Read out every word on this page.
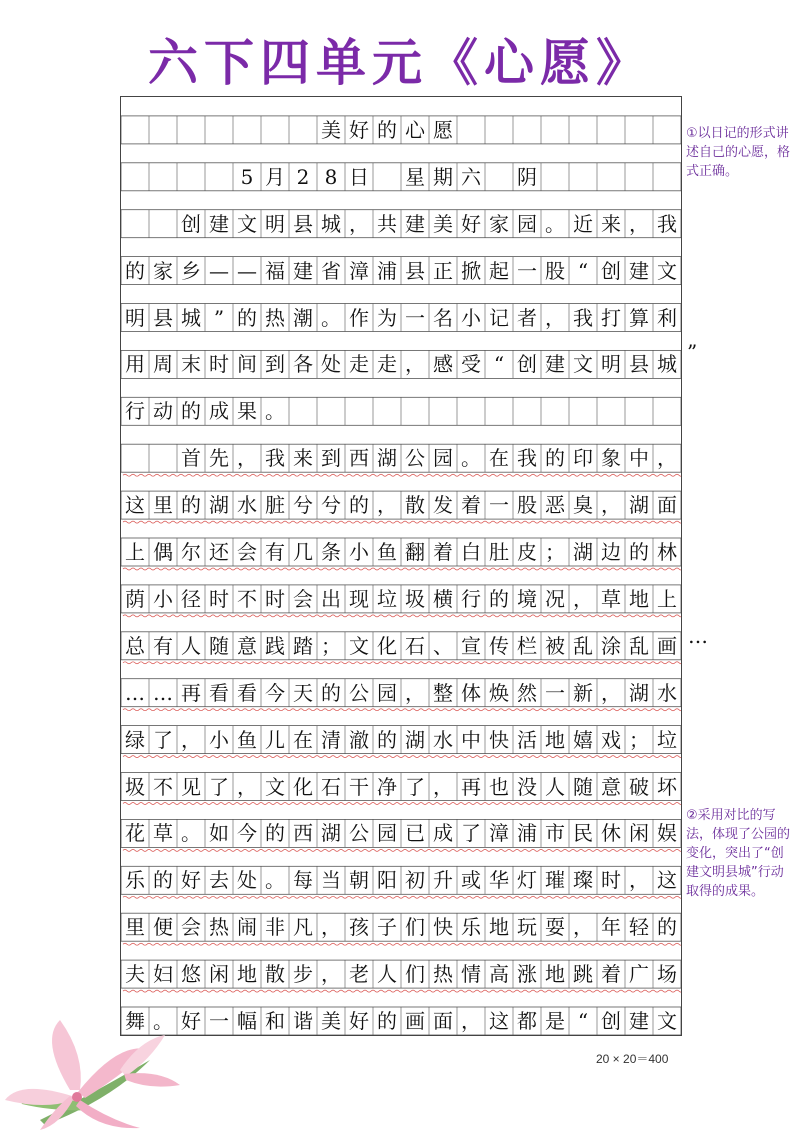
六下四单元《心愿》
美 好 的 心 愿
5 月 2 8 日
　 星 期 六
　 阴

创 建 文 明 县 城 ， 共 建 美 好 家 园 。 近 来 ， 我
的 家 乡 — — 福 建 省 漳 浦 县 正 掀 起 一 股 “ 创 建 文
明 县 城 ” 的 热 潮 。 作 为 一 名 小 记 者 ， 我 打 算 利
用 周 末 时 间 到 各 处 走 走 ， 感 受 “ 创 建 文 明 县 城
行 动 的 成 果 。

首 先 ， 我 来 到 西 湖 公 园 。 在 我 的 印 象 中 ，
这 里 的 湖 水 脏 兮 兮 的 ， 散 发 着 一 股 恶 臭 ， 湖 面
上 偶 尔 还 会 有 几 条 小 鱼 翻 着 白 肚 皮 ； 湖 边 的 林
荫 小 径 时 不 时 会 出 现 垃 圾 横 行 的 境 况 ， 草 地 上
总 有 人 随 意 践 踏 ； 文 化 石 、 宣 传 栏 被 乱 涂 乱 画
… … 再 看 看 今 天 的 公 园 ， 整 体 焕 然 一 新 ， 湖 水
绿 了 ， 小 鱼 儿 在 清 澈 的 湖 水 中 快 活 地 嬉 戏 ； 垃
圾 不 见 了 ， 文 化 石 干 净 了 ， 再 也 没 人 随 意 破 坏
花 草 。 如 今 的 西 湖 公 园 已 成 了 漳 浦 市 民 休 闲 娱
乐 的 好 去 处 。 每 当 朝 阳 初 升 或 华 灯 璀 璨 时 ， 这
里 便 会 热 闹 非 凡 ， 孩 子 们 快 乐 地 玩 耍 ， 年 轻 的
夫 妇 悠 闲 地 散 步 ， 老 人 们 热 情 高 涨 地 跳 着 广 场
舞 。 好 一 幅 和 谐 美 好 的 画 面 ， 这 都 是 “ 创 建 文
”
…
①以日记的形式讲述自己的心愿，格式正确。
②采用对比的写法，体现了公园的变化，突出了“创建文明县城”行动取得的成果。
20 × 20＝400
